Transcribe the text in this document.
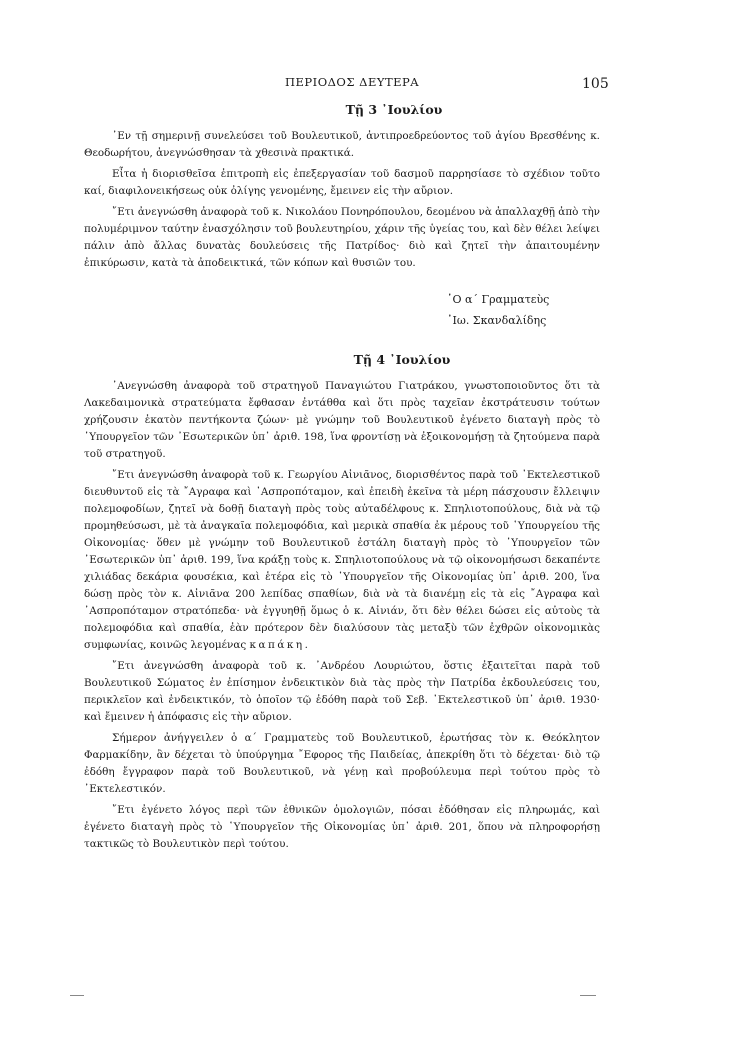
ΠΕΡΙΟΔΟΣ ΔΕΥΤΕΡΑ	105
Τῇ 3 ᾿Ιουλίου

᾿Εν τῇ σημερινῇ συνελεύσει τοῦ Βουλευτικοῦ, ἀντιπροεδρεύοντος τοῦ ἁγίου Βρεσθένης κ. Θεοδωρήτου, ἀνεγνώσθησαν τὰ χθεσινὰ πρακτικά.

Εἶτα ἡ διορισθεῖσα ἐπιτροπὴ εἰς ἐπεξεργασίαν τοῦ δασμοῦ παρρησίασε τὸ σχέδιον τοῦτο καί, διαφιλονεικήσεως οὐκ ὀλίγης γενομένης, ἔμεινεν εἰς τὴν αὔριον.

῎Ετι ἀνεγνώσθη ἀναφορὰ τοῦ κ. Νικολάου Πονηρόπουλου, δεομένου νὰ ἀπαλλαχθῇ ἀπὸ τὴν πολυμέριμνον ταύτην ἐνασχόλησιν τοῦ βουλευτηρίου, χάριν τῆς ὑγείας του, καὶ δὲν θέλει λείψει πάλιν ἀπὸ ἄλλας δυνατὰς δουλεύσεις τῆς Πατρίδος· διὸ καὶ ζητεῖ τὴν ἀπαιτουμένην ἐπικύρωσιν, κατὰ τὰ ἀποδεικτικά, τῶν κόπων καὶ θυσιῶν του.

῾Ο α΄ Γραμματεὺς
᾿Ιω. Σκανδαλίδης
Τῇ 4 ᾿Ιουλίου

᾿Ανεγνώσθη ἀναφορὰ τοῦ στρατηγοῦ Παναγιώτου Γιατράκου, γνωστοποιοῦντος ὅτι τὰ Λακεδαιμονικὰ στρατεύματα ἔφθασαν ἐντάθθα καὶ ὅτι πρὸς ταχεῖαν ἐκστράτευσιν τούτων χρήζουσιν ἑκατὸν πεντήκοντα ζώων· μὲ γνώμην τοῦ Βουλευτικοῦ ἐγένετο διαταγὴ πρὸς τὸ ῾Υπουργεῖον τῶν ᾿Εσωτερικῶν ὑπ᾿ ἀριθ. 198, ἵνα φροντίσῃ νὰ ἐξοικονομήσῃ τὰ ζητούμενα παρὰ τοῦ στρατηγοῦ.

῎Ετι ἀνεγνώσθη ἀναφορὰ τοῦ κ. Γεωργίου Αἰνιᾶνος, διορισθέντος παρὰ τοῦ ᾿Εκτελεστικοῦ διευθυντοῦ εἰς τὰ ῎Αγραφα καὶ ᾿Ασπροπόταμον, καὶ ἐπειδὴ ἐκεῖνα τὰ μέρη πάσχουσιν ἔλλειψιν πολεμοφοδίων, ζητεῖ νὰ δοθῇ διαταγὴ πρὸς τοὺς αὐταδέλφους κ. Σπηλιοτοπούλους, διὰ νὰ τῷ προμηθεύσωσι, μὲ τὰ ἀναγκαῖα πολεμοφόδια, καὶ μερικὰ σπαθία ἐκ μέρους τοῦ ῾Υπουργείου τῆς Οἰκονομίας· ὅθεν μὲ γνώμην τοῦ Βουλευτικοῦ ἐστάλη διαταγὴ πρὸς τὸ ῾Υπουργεῖον τῶν ᾿Εσωτερικῶν ὑπ᾿ ἀριθ. 199, ἵνα κράξῃ τοὺς κ. Σπηλιοτοπούλους νὰ τῷ οἰκονομήσωσι δεκαπέντε χιλιάδας δεκάρια φουσέκια, καὶ ἑτέρα εἰς τὸ ῾Υπουργεῖον τῆς Οἰκονομίας ὑπ᾿ ἀριθ. 200, ἵνα δώσῃ πρὸς τὸν κ. Αἰνιᾶνα 200 λεπίδας σπαθίων, διὰ νὰ τὰ διανέμῃ εἰς τὰ εἰς ῎Αγραφα καὶ ᾿Ασπροπόταμον στρατόπεδα· νὰ ἐγγυηθῇ ὅμως ὁ κ. Αἰνιάν, ὅτι δὲν θέλει δώσει εἰς αὐτοὺς τὰ πολεμοφόδια καὶ σπαθία, ἐὰν πρότερον δὲν διαλύσουν τὰς μεταξὺ τῶν ἐχθρῶν οἰκονομικὰς συμφωνίας, κοινῶς λεγομένας καπάκη.

῎Ετι ἀνεγνώσθη ἀναφορὰ τοῦ κ. ᾿Ανδρέου Λουριώτου, ὅστις ἐξαιτεῖται παρὰ τοῦ Βουλευτικοῦ Σώματος ἐν ἐπίσημον ἐνδεικτικὸν διὰ τὰς πρὸς τὴν Πατρίδα ἐκδουλεύσεις του, περικλεῖον καὶ ἐνδεικτικόν, τὸ ὁποῖον τῷ ἐδόθη παρὰ τοῦ Σεβ. ᾿Εκτελεστικοῦ ὑπ᾿ ἀριθ. 1930· καὶ ἔμεινεν ἡ ἀπόφασις εἰς τὴν αὔριον.

Σήμερον ἀνήγγειλεν ὁ α΄ Γραμματεὺς τοῦ Βουλευτικοῦ, ἐρωτήσας τὸν κ. Θεόκλητον Φαρμακίδην, ἂν δέχεται τὸ ὑπούργημα ῎Εφορος τῆς Παιδείας, ἀπεκρίθη ὅτι τὸ δέχεται· διὸ τῷ ἐδόθη ἔγγραφον παρὰ τοῦ Βουλευτικοῦ, νὰ γένῃ καὶ προβούλευμα περὶ τούτου πρὸς τὸ ᾿Εκτελεστικόν.

῎Ετι ἐγένετο λόγος περὶ τῶν ἐθνικῶν ὁμολογιῶν, πόσαι ἐδόθησαν εἰς πληρωμάς, καὶ ἐγένετο διαταγὴ πρὸς τὸ ῾Υπουργεῖον τῆς Οἰκονομίας ὑπ᾿ ἀριθ. 201, ὅπου νὰ πληροφορήσῃ τακτικῶς τὸ Βουλευτικὸν περὶ τούτου.
